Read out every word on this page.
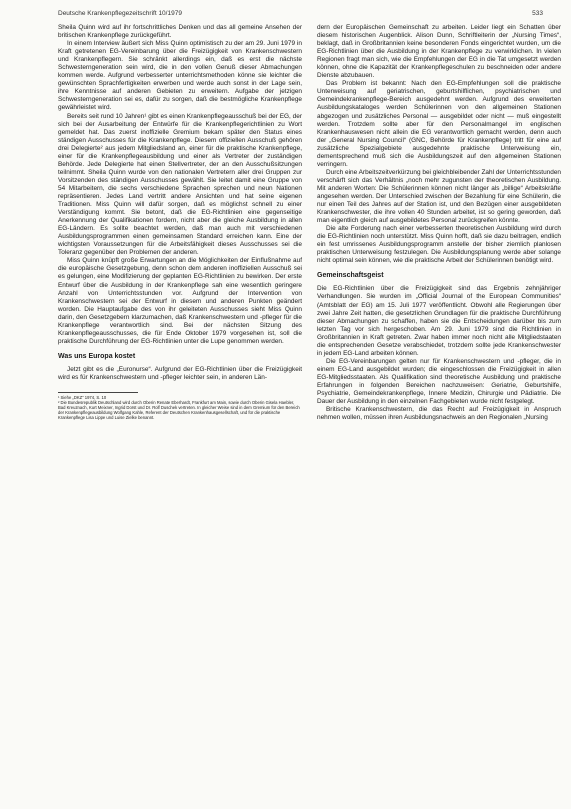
Deutsche Krankenpflegezeitschrift 10/1979	533

Sheila Quinn wird auf ihr fortschrittliches Denken und das all gemeine Ansehen der britischen Krankenpflege zurückgeführt.

In einem Interview äußert sich Miss Quinn optimistisch zu der am 29. Juni 1979 in Kraft getretenen EG-Vereinbarung über die Freizügigkeit von Krankenschwestern und Krankenpflegern. Sie schränkt allerdings ein, daß es erst die nächste Schwesterngeneration sein wird, die in den vollen Genuß dieser Abmachungen kommen werde. Aufgrund verbesserter unterrichtsmethoden könne sie leichter die gewünschten Sprachfertigkeiten erwerben und werde auch sonst in der Lage sein, ihre Kenntnisse auf anderen Gebieten zu erweitern. Aufgabe der jetzigen Schwesterngeneration sei es, dafür zu sorgen, daß die bestmögliche Krankenpflege gewährleistet wird.

Bereits seit rund 10 Jahren¹ gibt es einen Krankenpflegeausschuß bei der EG, der sich bei der Ausarbeitung der Entwürfe für die Krankenpflegerichtlinien zu Wort gemeldet hat. Das zuerst inoffizielle Gremium bekam später den Status eines ständigen Ausschusses für die Krankenpflege. Diesem offiziellen Ausschuß gehören drei Delegierte² aus jedem Mitgliedsland an, einer für die praktische Krankenpflege, einer für die Krankenpflegeausbildung und einer als Vertreter der zuständigen Behörde. Jede Delegierte hat einen Stellvertreter, der an den Ausschußsitzungen teilnimmt. Sheila Quinn wurde von den nationalen Vertretern aller drei Gruppen zur Vorsitzenden des ständigen Ausschusses gewählt. Sie leitet damit eine Gruppe von 54 Mitarbeitern, die sechs verschiedene Sprachen sprechen und neun Nationen repräsentieren. Jedes Land vertritt andere Ansichten und hat seine eigenen Traditionen. Miss Quinn will dafür sorgen, daß es möglichst schnell zu einer Verständigung kommt. Sie betont, daß die EG-Richtlinien eine gegenseitige Anerkennung der Qualifikationen fordern, nicht aber die gleiche Ausbildung in allen EG-Ländern. Es sollte beachtet werden, daß man auch mit verschiedenen Ausbildungsprogrammen einen gemeinsamen Standard erreichen kann. Eine der wichtigsten Voraussetzungen für die Arbeitsfähigkeit dieses Ausschusses sei die Toleranz gegenüber den Problemen der anderen.

Miss Quinn knüpft große Erwartungen an die Möglichkeiten der Einflußnahme auf die europäische Gesetzgebung, denn schon dem anderen inoffiziellen Ausschuß sei es gelungen, eine Modifizierung der geplanten EG-Richtlinien zu bewirken. Der erste Entwurf über die Ausbildung in der Krankenpflege sah eine wesentlich geringere Anzahl von Unterrichtsstunden vor. Aufgrund der Intervention von Krankenschwestern sei der Entwurf in diesem und anderen Punkten geändert worden. Die Hauptaufgabe des von ihr geleiteten Ausschusses sieht Miss Quinn darin, den Gesetzgebern klarzumachen, daß Krankenschwestern und -pfleger für die Krankenpflege verantwortlich sind. Bei der nächsten Sitzung des Krankenpflegeausschusses, die für Ende Oktober 1979 vorgesehen ist, soll die praktische Durchführung der EG-Richtlinien unter die Lupe genommen werden.

Was uns Europa kostet

Jetzt gibt es die „Euronurse“. Aufgrund der EG-Richtlinien über die Freizügigkeit wird es für Krankenschwestern und -pfleger leichter sein, in anderen Län-

¹ Siehe „DKZ“ 1974, S. 10

² Die Bundesrepublik Deutschland wird durch Oberin Renate Eberhardt, Frankfurt am Main, sowie durch Oberin Gisela Haebler, Bad Kreuznach, Kurt Meixner, Ingrid Dorst und Dr. Rolf Duschek vertreten. In gleicher Weise sind in dem Gremium für den Bereich der Krankenpflegeausbildung Wolfgang Kahle, Referent der Deutschen Krankenhausgesellschaft, und für die praktische Krankenpflege Lisa Lippe und Luise Zielke benannt.

dern der Europäischen Gemeinschaft zu arbeiten. Leider liegt ein Schatten über diesem historischen Augenblick. Alison Dunn, Schriftleiterin der „Nursing Times“, beklagt, daß in Großbritannien keine besonderen Fonds eingerichtet wurden, um die EG-Richtlinien über die Ausbildung in der Krankenpflege zu verwirklichen. In vielen Regionen fragt man sich, wie die Empfehlungen der EG in die Tat umgesetzt werden können, ohne die Kapazität der Krankenpflegeschulen zu beschneiden oder andere Dienste abzubauen.

Das Problem ist bekannt: Nach den EG-Empfehlungen soll die praktische Unterweisung auf geriatrischen, geburtshilflichen, psychiatrischen und Gemeindekrankenpflege-Bereich ausgedehnt werden. Aufgrund des erweiterten Ausbildungskataloges werden Schülerinnen von den allgemeinen Stationen abgezogen und zusätzliches Personal — ausgebildet oder nicht — muß eingestellt werden. Trotzdem sollte aber für den Personalmangel im englischen Krankenhauswesen nicht allein die EG verantwortlich gemacht werden, denn auch der „General Nursing Council“ (GNC, Behörde für Krankenpflege) tritt für eine auf zusätzliche Spezialgebiete ausgedehnte praktische Unterweisung ein, dementsprechend muß sich die Ausbildungszeit auf den allgemeinen Stationen verringern.

Durch eine Arbeitszeitverkürzung bei gleichbleibender Zahl der Unterrichtsstunden verschärft sich das Verhältnis „noch mehr zugunsten der theoretischen Ausbildung. Mit anderen Worten: Die Schülerinnen können nicht länger als „billige“ Arbeitskräfte angesehen werden. Der Unterschied zwischen der Bezahlung für eine Schülerin, die nur einen Teil des Jahres auf der Station ist, und den Bezügen einer ausgebildeten Krankenschwester, die ihre vollen 40 Stunden arbeitet, ist so gering geworden, daß man eigentlich gleich auf ausgebildetes Personal zurückgreifen könnte.

Die alte Forderung nach einer verbesserten theoretischen Ausbildung wird durch die EG-Richtlinien noch unterstützt. Miss Quinn hofft, daß sie dazu beitragen, endlich ein fest umrissenes Ausbildungsprogramm anstelle der bisher ziemlich planlosen praktischen Unterweisung festzulegen. Die Ausbildungsplanung werde aber solange nicht optimal sein können, wie die praktische Arbeit der Schülerinnen benötigt wird.

Gemeinschaftsgeist

Die EG-Richtlinien über die Freizügigkeit sind das Ergebnis zehnjähriger Verhandlungen. Sie wurden im „Official Journal of the European Communities“ (Amtsblatt der EG) am 15. Juli 1977 veröffentlicht. Obwohl alle Regierungen über zwei Jahre Zeit hatten, die gesetzlichen Grundlagen für die praktische Durchführung dieser Abmachungen zu schaffen, haben sie die Entscheidungen darüber bis zum letzten Tag vor sich hergeschoben. Am 29. Juni 1979 sind die Richtlinien in Großbritannien in Kraft getreten. Zwar haben immer noch nicht alle Mitgliedstaaten die entsprechenden Gesetze verabschiedet, trotzdem sollte jede Krankenschwester in jedem EG-Land arbeiten können.

Die EG-Vereinbarungen gelten nur für Krankenschwestern und -pfleger, die in einem EG-Land ausgebildet wurden; die eingeschlossen die Freizügigkeit in allen EG-Mitgliedsstaaten. Als Qualifikation sind theoretische Ausbildung und praktische Erfahrungen in folgenden Bereichen nachzuweisen: Geriatrie, Geburtshilfe, Psychiatrie, Gemeindekrankenpflege, Innere Medizin, Chirurgie und Pädiatrie. Die Dauer der Ausbildung in den einzelnen Fachgebieten wurde nicht festgelegt.

Britische Krankenschwestern, die das Recht auf Freizügigkeit in Anspruch nehmen wollen, müssen ihren Ausbildungsnachweis an den Regionalen „Nursing
